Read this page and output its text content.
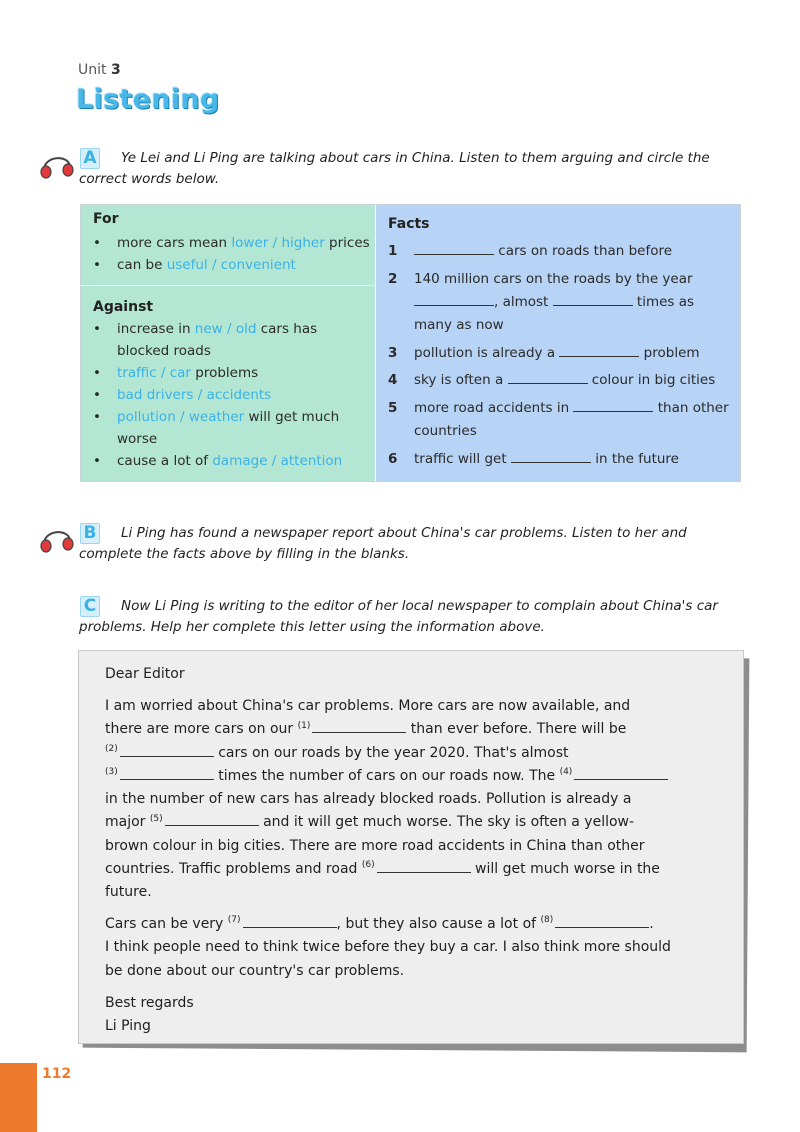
Unit 3
Listening
A	Ye Lei and Li Ping are talking about cars in China. Listen to them arguing and circle the
correct words below.
For
• more cars mean lower / higher prices
• can be useful / convenient
Against
• increase in new / old cars has blocked roads
• traffic / car problems
• bad drivers / accidents
• pollution / weather will get much worse
• cause a lot of damage / attention
Facts
1	cars on roads than before
2 140 million cars on the roads by the year , almost	times as many as now
3 pollution is already a	problem
4 sky is often a	colour in big cities
5 more road accidents in	than other countries
6 traffic will get	in the future
B	Li Ping has found a newspaper report about China's car problems. Listen to her and
complete the facts above by filling in the blanks.
C	Now Li Ping is writing to the editor of her local newspaper to complain about China's car
problems. Help her complete this letter using the information above.
Dear Editor
I am worried about China's car problems. More cars are now available, and
there are more cars on our $^{(1)}$	than ever before. There will be
$^{(2)}$	cars on our roads by the year 2020. That's almost
$^{(3)}$	times the number of cars on our roads now. The $^{(4)}$
in the number of new cars has already blocked roads. Pollution is already a
major $^{(5)}$	and it will get much worse. The sky is often a yellow-
brown colour in big cities. There are more road accidents in China than other
countries. Traffic problems and road $^{(6)}$	will get much worse in the
future.
Cars can be very $^{(7)}$	, but they also cause a lot of $^{(8)}$	.
I think people need to think twice before they buy a car. I also think more should
be done about our country's car problems.
Best regards
Li Ping
112
